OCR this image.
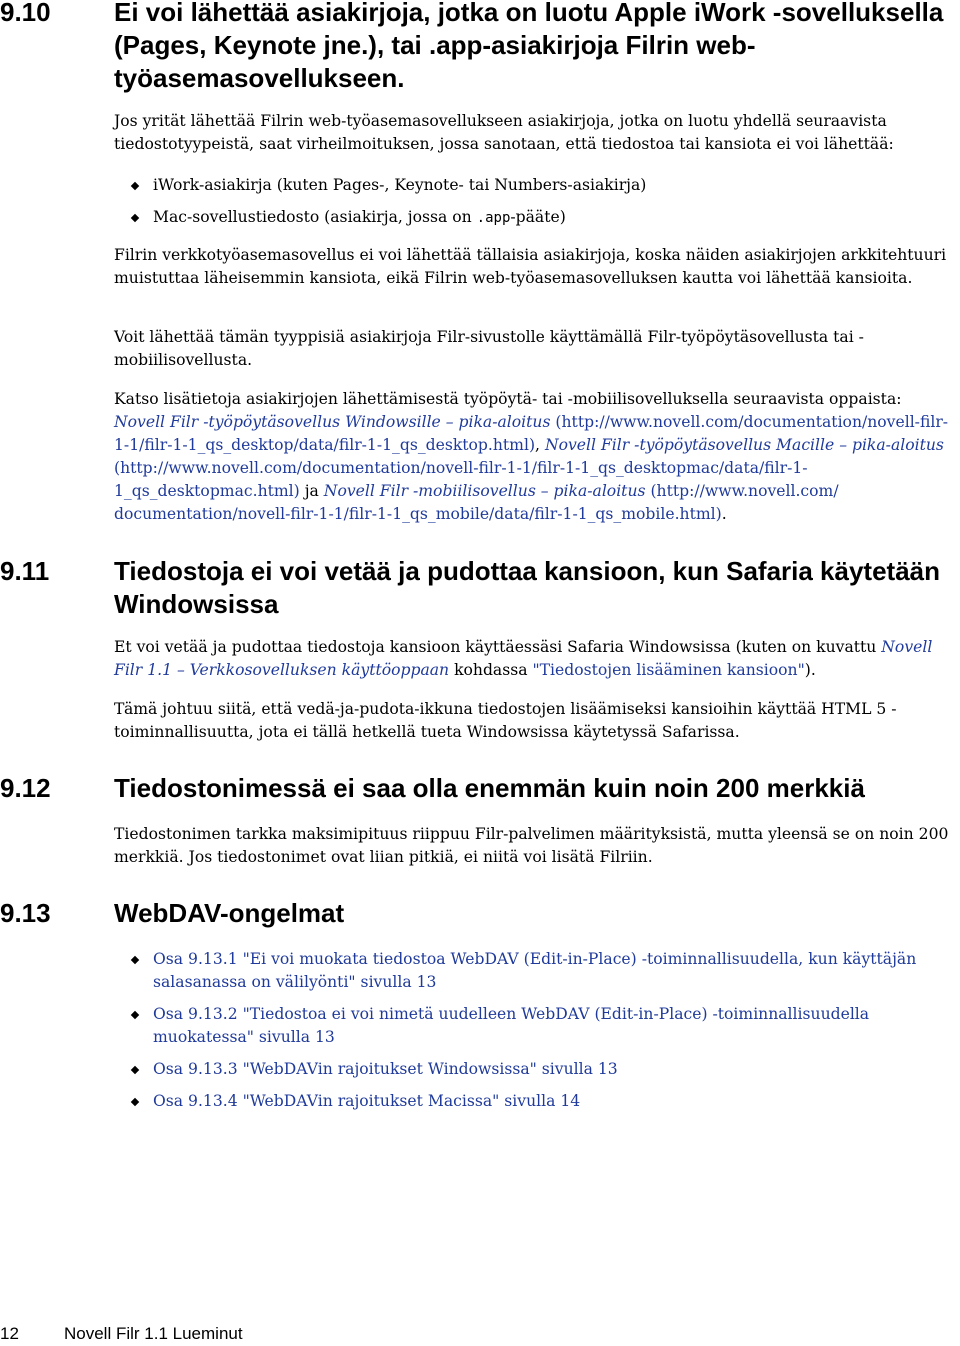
9.10 Ei voi lähettää asiakirjoja, jotka on luotu Apple iWork -sovelluksella (Pages, Keynote jne.), tai .app-asiakirjoja Filrin web-työasemasovellukseen.

Jos yrität lähettää Filrin web-työasemasovellukseen asiakirjoja, jotka on luotu yhdellä seuraavista tiedostotyypeistä, saat virheilmoituksen, jossa sanotaan, että tiedostoa tai kansiota ei voi lähettää:

iWork-asiakirja (kuten Pages-, Keynote- tai Numbers-asiakirja)
Mac-sovellustiedosto (asiakirja, jossa on .app-pääte)

Filrin verkkotyöasemasovellus ei voi lähettää tällaisia asiakirjoja, koska näiden asiakirjojen arkkitehtuuri muistuttaa läheisemmin kansiota, eikä Filrin web-työasemasovelluksen kautta voi lähettää kansioita.

Voit lähettää tämän tyyppisiä asiakirjoja Filr-sivustolle käyttämällä Filr-työpöytäsovellusta tai -mobiilisovellusta.

Katso lisätietoja asiakirjojen lähettämisestä työpöytä- tai -mobiilisovelluksella seuraavista oppaista: Novell Filr -työpöytäsovellus Windowsille – pika-aloitus (http://www.novell.com/documentation/novell-filr-1-1/filr-1-1_qs_desktop/data/filr-1-1_qs_desktop.html), Novell Filr -työpöytäsovellus Macille – pika-aloitus (http://www.novell.com/documentation/novell-filr-1-1/filr-1-1_qs_desktopmac/data/filr-1-1_qs_desktopmac.html) ja Novell Filr -mobiilisovellus – pika-aloitus (http://www.novell.com/ documentation/novell-filr-1-1/filr-1-1_qs_mobile/data/filr-1-1_qs_mobile.html).

9.11 Tiedostoja ei voi vetää ja pudottaa kansioon, kun Safaria käytetään Windowsissa

Et voi vetää ja pudottaa tiedostoja kansioon käyttäessäsi Safaria Windowsissa (kuten on kuvattu Novell Filr 1.1 – Verkkosovelluksen käyttöoppaan kohdassa "Tiedostojen lisääminen kansioon").

Tämä johtuu siitä, että vedä-ja-pudota-ikkuna tiedostojen lisäämiseksi kansioihin käyttää HTML 5 -toiminnallisuutta, jota ei tällä hetkellä tueta Windowsissa käytetyssä Safarissa.

9.12 Tiedostonimessä ei saa olla enemmän kuin noin 200 merkkiä

Tiedostonimen tarkka maksimipituus riippuu Filr-palvelimen määrityksistä, mutta yleensä se on noin 200 merkkiä. Jos tiedostonimet ovat liian pitkiä, ei niitä voi lisätä Filriin.

9.13 WebDAV-ongelmat
Osa 9.13.1 "Ei voi muokata tiedostoa WebDAV (Edit-in-Place) -toiminnallisuudella, kun käyttäjän salasanassa on välilyönti" sivulla 13
Osa 9.13.2 "Tiedostoa ei voi nimetä uudelleen WebDAV (Edit-in-Place) -toiminnallisuudella muokatessa" sivulla 13
Osa 9.13.3 "WebDAVin rajoitukset Windowsissa" sivulla 13
Osa 9.13.4 "WebDAVin rajoitukset Macissa" sivulla 14
12	Novell Filr 1.1 Lueminut
